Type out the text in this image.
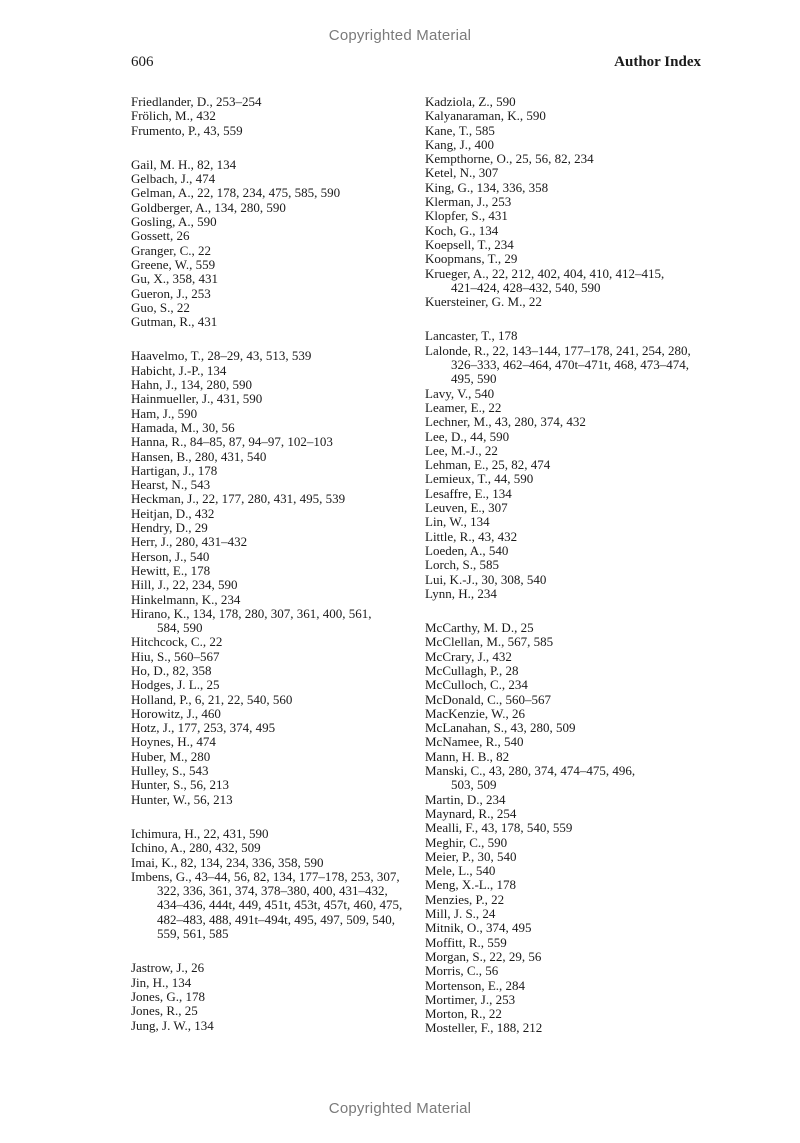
Copyrighted Material
606	Author Index
Friedlander, D., 253–254
Frölich, M., 432
Frumento, P., 43, 559
Gail, M. H., 82, 134
Gelbach, J., 474
Gelman, A., 22, 178, 234, 475, 585, 590
Goldberger, A., 134, 280, 590
Gosling, A., 590
Gossett, 26
Granger, C., 22
Greene, W., 559
Gu, X., 358, 431
Gueron, J., 253
Guo, S., 22
Gutman, R., 431
Haavelmo, T., 28–29, 43, 513, 539
Habicht, J.-P., 134
Hahn, J., 134, 280, 590
Hainmueller, J., 431, 590
Ham, J., 590
Hamada, M., 30, 56
Hanna, R., 84–85, 87, 94–97, 102–103
Hansen, B., 280, 431, 540
Hartigan, J., 178
Hearst, N., 543
Heckman, J., 22, 177, 280, 431, 495, 539
Heitjan, D., 432
Hendry, D., 29
Herr, J., 280, 431–432
Herson, J., 540
Hewitt, E., 178
Hill, J., 22, 234, 590
Hinkelmann, K., 234
Hirano, K., 134, 178, 280, 307, 361, 400, 561,
584, 590
Hitchcock, C., 22
Hiu, S., 560–567
Ho, D., 82, 358
Hodges, J. L., 25
Holland, P., 6, 21, 22, 540, 560
Horowitz, J., 460
Hotz, J., 177, 253, 374, 495
Hoynes, H., 474
Huber, M., 280
Hulley, S., 543
Hunter, S., 56, 213
Hunter, W., 56, 213
Ichimura, H., 22, 431, 590
Ichino, A., 280, 432, 509
Imai, K., 82, 134, 234, 336, 358, 590
Imbens, G., 43–44, 56, 82, 134, 177–178, 253, 307,
322, 336, 361, 374, 378–380, 400, 431–432,
434–436, 444t, 449, 451t, 453t, 457t, 460, 475,
482–483, 488, 491t–494t, 495, 497, 509, 540,
559, 561, 585
Jastrow, J., 26
Jin, H., 134
Jones, G., 178
Jones, R., 25
Jung, J. W., 134
Kadziola, Z., 590
Kalyanaraman, K., 590
Kane, T., 585
Kang, J., 400
Kempthorne, O., 25, 56, 82, 234
Ketel, N., 307
King, G., 134, 336, 358
Klerman, J., 253
Klopfer, S., 431
Koch, G., 134
Koepsell, T., 234
Koopmans, T., 29
Krueger, A., 22, 212, 402, 404, 410, 412–415,
421–424, 428–432, 540, 590
Kuersteiner, G. M., 22
Lancaster, T., 178
Lalonde, R., 22, 143–144, 177–178, 241, 254, 280,
326–333, 462–464, 470t–471t, 468, 473–474,
495, 590
Lavy, V., 540
Leamer, E., 22
Lechner, M., 43, 280, 374, 432
Lee, D., 44, 590
Lee, M.-J., 22
Lehman, E., 25, 82, 474
Lemieux, T., 44, 590
Lesaffre, E., 134
Leuven, E., 307
Lin, W., 134
Little, R., 43, 432
Loeden, A., 540
Lorch, S., 585
Lui, K.-J., 30, 308, 540
Lynn, H., 234
McCarthy, M. D., 25
McClellan, M., 567, 585
McCrary, J., 432
McCullagh, P., 28
McCulloch, C., 234
McDonald, C., 560–567
MacKenzie, W., 26
McLanahan, S., 43, 280, 509
McNamee, R., 540
Mann, H. B., 82
Manski, C., 43, 280, 374, 474–475, 496,
503, 509
Martin, D., 234
Maynard, R., 254
Mealli, F., 43, 178, 540, 559
Meghir, C., 590
Meier, P., 30, 540
Mele, L., 540
Meng, X.-L., 178
Menzies, P., 22
Mill, J. S., 24
Mitnik, O., 374, 495
Moffitt, R., 559
Morgan, S., 22, 29, 56
Morris, C., 56
Mortenson, E., 284
Mortimer, J., 253
Morton, R., 22
Mosteller, F., 188, 212
Copyrighted Material
